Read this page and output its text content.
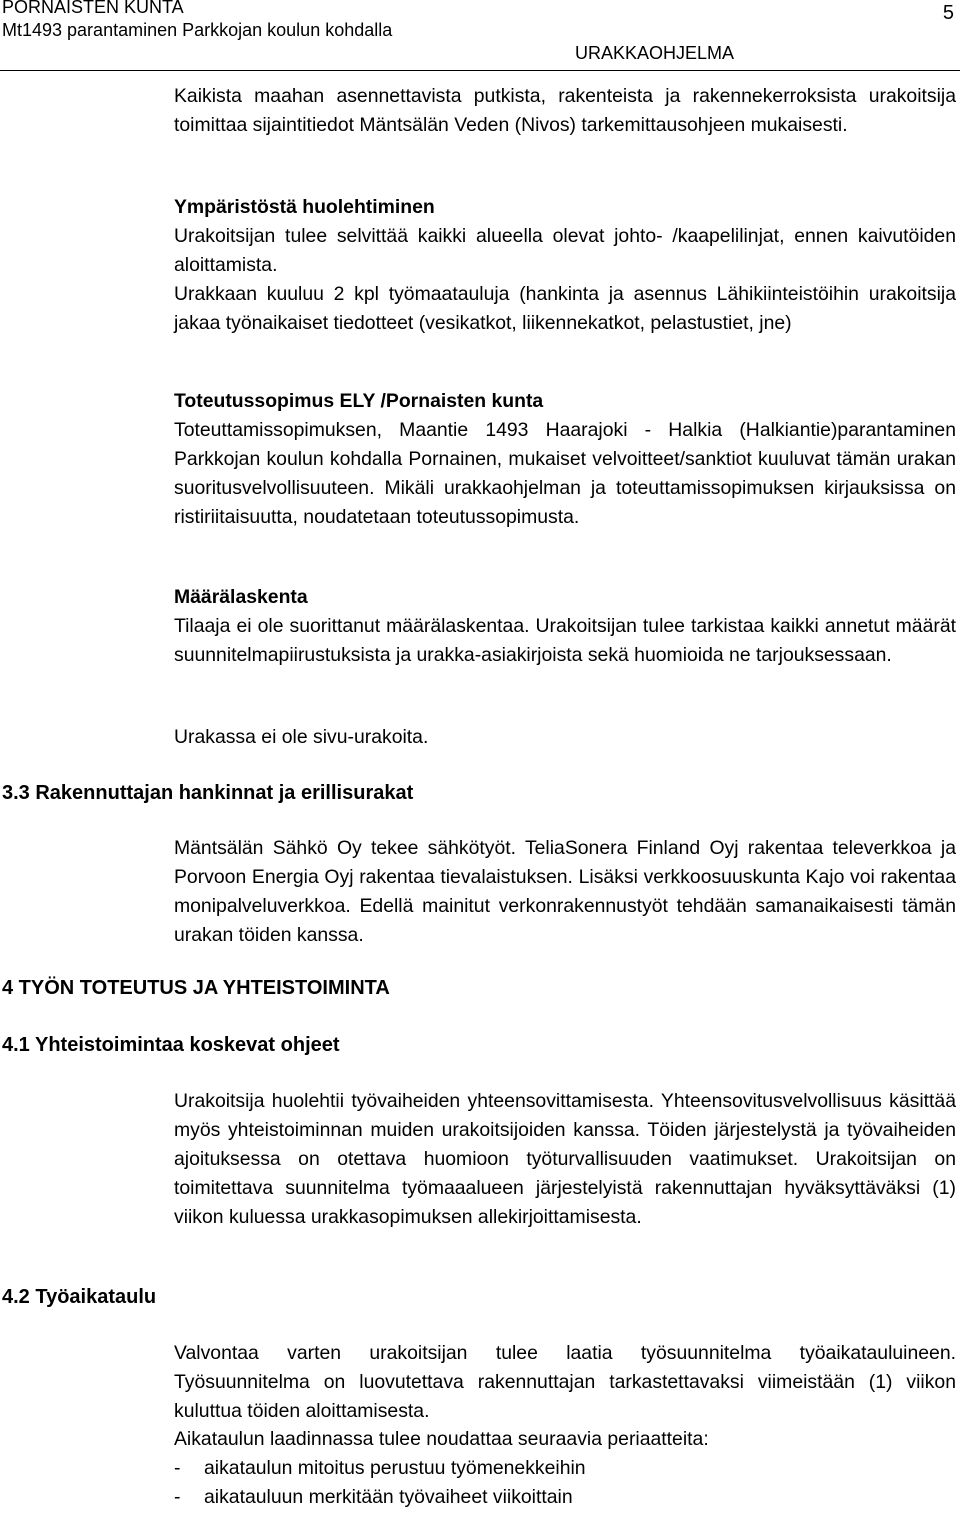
PORNAISTEN KUNTA
Mt1493 parantaminen Parkkojan koulun kohdalla
URAKKAOHJELMA
5

Kaikista maahan asennettavista putkista, rakenteista ja rakennekerroksista urakoitsija toimittaa sijaintitiedot Mäntsälän Veden (Nivos) tarkemittausohjeen mukaisesti.

Ympäristöstä huolehtiminen

Urakoitsijan tulee selvittää kaikki alueella olevat johto- /kaapelilinjat, ennen kaivutöiden aloittamista.

Urakkaan kuuluu 2 kpl työmaatauluja (hankinta ja asennus Lähikiinteistöihin urakoitsija jakaa työnaikaiset tiedotteet (vesikatkot, liikennekatkot, pelastustiet, jne)

Toteutussopimus ELY /Pornaisten kunta

Toteuttamissopimuksen, Maantie 1493 Haarajoki - Halkia (Halkiantie)parantaminen Parkkojan koulun kohdalla Pornainen, mukaiset velvoitteet/sanktiot kuuluvat tämän urakan suoritusvelvollisuuteen. Mikäli urakkaohjelman ja toteuttamissopimuksen kirjauksissa on ristiriitaisuutta, noudatetaan toteutussopimusta.

Määrälaskenta

Tilaaja ei ole suorittanut määrälaskentaa. Urakoitsijan tulee tarkistaa kaikki annetut määrät suunnitelmapiirustuksista ja urakka-asiakirjoista sekä huomioida ne tarjouksessaan.

Urakassa ei ole sivu-urakoita.

3.3 Rakennuttajan hankinnat ja erillisurakat

Mäntsälän Sähkö Oy tekee sähkötyöt. TeliaSonera Finland Oyj rakentaa televerkkoa ja Porvoon Energia Oyj rakentaa tievalaistuksen. Lisäksi verkkoosuuskunta Kajo voi rakentaa monipalveluverkkoa. Edellä mainitut verkonrakennustyöt tehdään samanaikaisesti tämän urakan töiden kanssa.

4 TYÖN TOTEUTUS JA YHTEISTOIMINTA
4.1 Yhteistoimintaa koskevat ohjeet

Urakoitsija huolehtii työvaiheiden yhteensovittamisesta. Yhteensovitusvelvollisuus käsittää myös yhteistoiminnan muiden urakoitsijoiden kanssa. Töiden järjestelystä ja työvaiheiden ajoituksessa on otettava huomioon työturvallisuuden vaatimukset. Urakoitsijan on toimitettava suunnitelma työmaaalueen järjestelyistä rakennuttajan hyväksyttäväksi (1) viikon kuluessa urakkasopimuksen allekirjoittamisesta.

4.2 Työaikataulu

Valvontaa varten urakoitsijan tulee laatia työsuunnitelma työaikatauluineen. Työsuunnitelma on luovutettava rakennuttajan tarkastettavaksi viimeistään (1) viikon kuluttua töiden aloittamisesta.

Aikataulun laadinnassa tulee noudattaa seuraavia periaatteita:

-	aikataulun mitoitus perustuu työmenekkeihin
-	aikatauluun merkitään työvaiheet viikoittain
